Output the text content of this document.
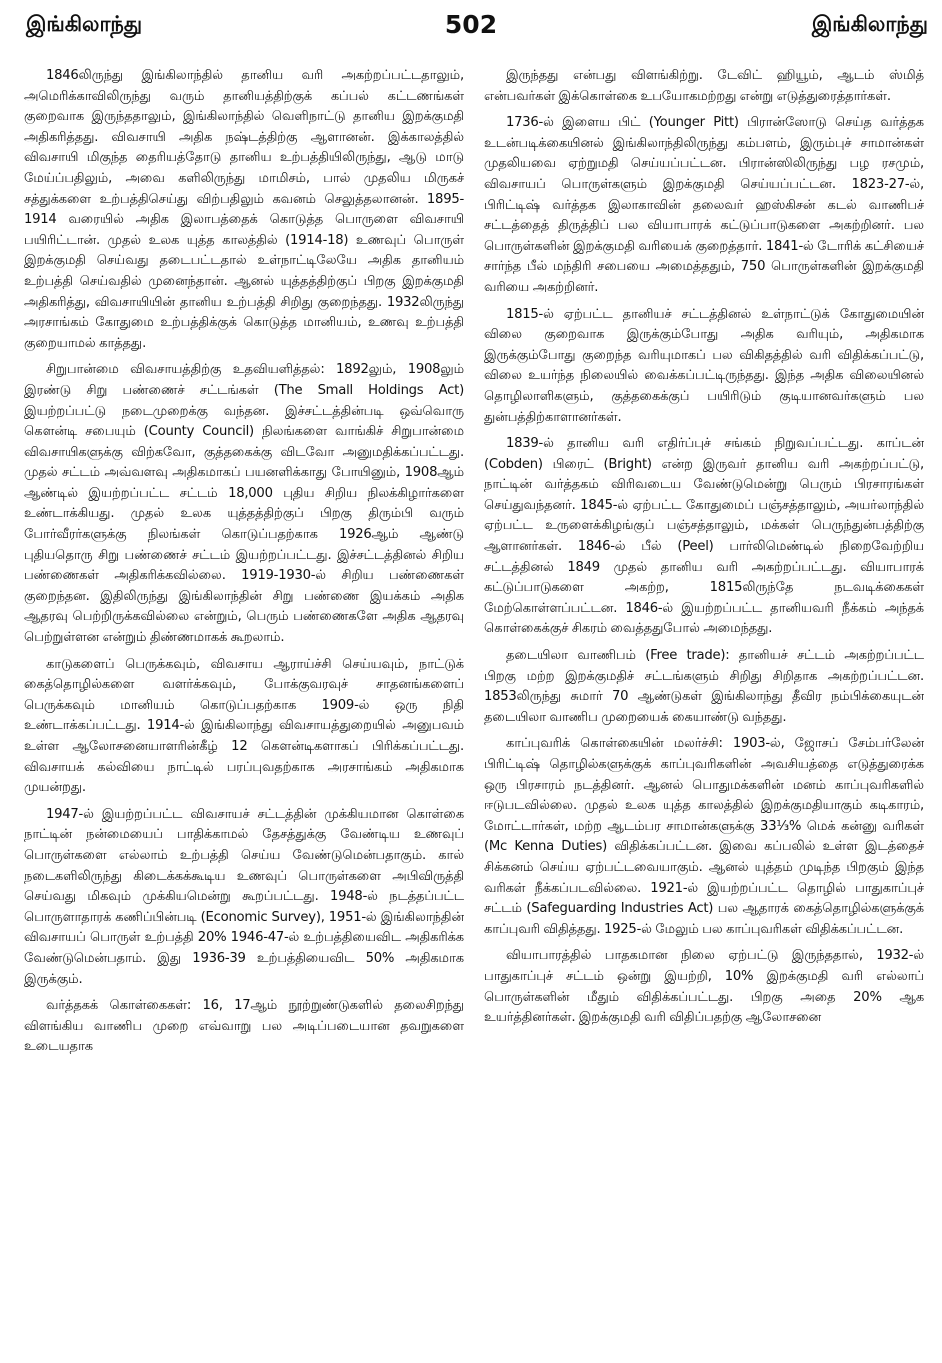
இங்கிலாந்து	502	இங்கிலாந்து

1846லிருந்து இங்கிலாந்தில் தானிய வரி அகற்றப்பட்டதாலும், அமெரிக்காவிலிருந்து வரும் தானியத்திற்குக் கப்பல் கட்டணங்கள் குறைவாக இருந்ததாலும், இங்கிலாந்தில் வெளிநாட்டு தானிய இறக்குமதி அதிகரித்தது. விவசாயி அதிக நஷ்டத்திற்கு ஆளானன். இக்காலத்தில் விவசாயி மிகுந்த தைரியத்தோடு தானிய உற்பத்தியிலிருந்து, ஆடு மாடு மேய்ப்பதிலும், அவை களிலிருந்து மாமிசம், பால் முதலிய மிருகச் சத்துக்களை உற்பத்திசெய்து விற்பதிலும் கவனம் செலுத்தலானன். 1895-1914 வரையில் அதிக இலாபத்தைக் கொடுத்த பொருளை விவசாயி பயிரிட்டான். முதல் உலக யுத்த காலத்தில் (1914-18) உணவுப் பொருள் இறக்குமதி செய்வது தடைபட்டதால் உள்நாட்டிலேயே அதிக தானியம் உற்பத்தி செய்வதில் முனைந்தான். ஆனல் யுத்தத்திற்குப் பிறகு இறக்குமதி அதிகரித்து, விவசாயியின் தானிய உற்பத்தி சிறிது குறைந்தது. 1932லிருந்து அரசாங்கம் கோதுமை உற்பத்திக்குக் கொடுத்த மானியம், உணவு உற்பத்தி குறையாமல் காத்தது.

சிறுபான்மை விவசாயத்திற்கு உதவியளித்தல்: 1892லும், 1908லும் இரண்டு சிறு பண்ணைச் சட்டங்கள் (The Small Holdings Act) இயற்றப்பட்டு நடைமுறைக்கு வந்தன. இச்சட்டத்தின்படி ஒவ்வொரு கௌன்டி சபையும் (County Council) நிலங்களை வாங்கிச் சிறுபான்மை விவசாயிகளுக்கு விற்கவோ, குத்தகைக்கு விடவோ அனுமதிக்கப்பட்டது. முதல் சட்டம் அவ்வளவு அதிகமாகப் பயனளிக்காது போயினும், 1908ஆம் ஆண்டில் இயற்றப்பட்ட சட்டம் 18,000 புதிய சிறிய நிலக்கிழார்களை உண்டாக்கியது. முதல் உலக யுத்தத்திற்குப் பிறகு திரும்பி வரும் போர்வீரர்களுக்கு நிலங்கள் கொடுப்பதற்காக 1926ஆம் ஆண்டு புதியதொரு சிறு பண்ணைச் சட்டம் இயற்றப்பட்டது. இச்சட்டத்தினல் சிறிய பண்ணைகள் அதிகரிக்கவில்லை. 1919-1930-ல் சிறிய பண்ணைகள் குறைந்தன. இதிலிருந்து இங்கிலாந்தின் சிறு பண்ணை இயக்கம் அதிக ஆதரவு பெற்றிருக்கவில்லை என்றும், பெரும் பண்ணைகளே அதிக ஆதரவு பெற்றுள்ளன என்றும் திண்ணமாகக் கூறலாம்.

காடுகளைப் பெருக்கவும், விவசாய ஆராய்ச்சி செய்யவும், நாட்டுக் கைத்தொழில்களை வளர்க்கவும், போக்குவரவுச் சாதனங்களைப் பெருக்கவும் மானியம் கொடுப்பதற்காக 1909-ல் ஒரு நிதி உண்டாக்கப்பட்டது. 1914-ல் இங்கிலாந்து விவசாயத்துறையில் அனுபவம் உள்ள ஆலோசனையாளரின்கீழ் 12 கௌன்டிகளாகப் பிரிக்கப்பட்டது. விவசாயக் கல்வியை நாட்டில் பரப்புவதற்காக அரசாங்கம் அதிகமாக முயன்றது.

1947-ல் இயற்றப்பட்ட விவசாயச் சட்டத்தின் முக்கியமான கொள்கை நாட்டின் நன்மையைப் பாதிக்காமல் தேசத்துக்கு வேண்டிய உணவுப் பொருள்களை எல்லாம் உற்பத்தி செய்ய வேண்டுமென்பதாகும். கால் நடைகளிலிருந்து கிடைக்கக்கூடிய உணவுப் பொருள்களை அபிவிருத்தி செய்வது மிகவும் முக்கியமென்று கூறப்பட்டது. 1948-ல் நடத்தப்பட்ட பொருளாதாரக் கணிப்பின்படி (Economic Survey), 1951-ல் இங்கிலாந்தின் விவசாயப் பொருள் உற்பத்தி 20% 1946-47-ல் உற்பத்தியைவிட அதிகரிக்க வேண்டுமென்பதாம். இது 1936-39 உற்பத்தியைவிட 50% அதிகமாக இருக்கும்.

வர்த்தகக் கொள்கைகள்: 16, 17ஆம் நூற்றுண்டுகளில் தலைசிறந்து விளங்கிய வாணிப முறை எவ்வாறு பல அடிப்படையான தவறுகளை உடையதாக

இருந்தது என்பது விளங்கிற்று. டேவிட் ஹியூம், ஆடம் ஸ்மித் என்பவர்கள் இக்கொள்கை உபயோகமற்றது என்று எடுத்துரைத்தார்கள்.

1736-ல் இளைய பிட் (Younger Pitt) பிரான்ஸோடு செய்த வர்த்தக உடன்படிக்கையினல் இங்கிலாந்திலிருந்து கம்பளம், இரும்புச் சாமான்கள் முதலியவை ஏற்றுமதி செய்யப்பட்டன. பிரான்ஸிலிருந்து பழ ரசமும், விவசாயப் பொருள்களும் இறக்குமதி செய்யப்பட்டன. 1823-27-ல், பிரிட்டிஷ் வர்த்தக இலாகாவின் தலைவர் ஹஸ்கிசன் கடல் வாணிபச் சட்டத்தைத் திருத்திப் பல வியாபாரக் கட்டுப்பாடுகளை அகற்றினர். பல பொருள்களின் இறக்குமதி வரியைக் குறைத்தார். 1841-ல் டோரிக் கட்சியைச் சார்ந்த பீல் மந்திரி சபையை அமைத்ததும், 750 பொருள்களின் இறக்குமதி வரியை அகற்றினர்.

1815-ல் ஏற்பட்ட தானியச் சட்டத்தினல் உள்நாட்டுக் கோதுமையின் விலை குறைவாக இருக்கும்போது அதிக வரியும், அதிகமாக இருக்கும்போது குறைந்த வரியுமாகப் பல விகிதத்தில் வரி விதிக்கப்பட்டு, விலை உயர்ந்த நிலையில் வைக்கப்பட்டிருந்தது. இந்த அதிக விலையினல் தொழிலாளிகளும், குத்தகைக்குப் பயிரிடும் குடியானவர்களும் பல துன்பத்திற்காளானர்கள்.

1839-ல் தானிய வரி எதிர்ப்புச் சங்கம் நிறுவப்பட்டது. காப்டன் (Cobden) பிரைட் (Bright) என்ற இருவர் தானிய வரி அகற்றப்பட்டு, நாட்டின் வர்த்தகம் விரிவடைய வேண்டுமென்று பெரும் பிரசாரங்கள் செய்துவந்தனர். 1845-ல் ஏற்பட்ட கோதுமைப் பஞ்சத்தாலும், அயர்லாந்தில் ஏற்பட்ட உருளைக்கிழங்குப் பஞ்சத்தாலும், மக்கள் பெருந்துன்பத்திற்கு ஆளானர்கள். 1846-ல் பீல் (Peel) பார்லிமெண்டில் நிறைவேற்றிய சட்டத்தினல் 1849 முதல் தானிய வரி அகற்றப்பட்டது. வியாபாரக் கட்டுப்பாடுகளை அகற்ற, 1815லிருந்தே நடவடிக்கைகள் மேற்கொள்ளப்பட்டன. 1846-ல் இயற்றப்பட்ட தானியவரி நீக்கம் அந்தக் கொள்கைக்குச் சிகரம் வைத்ததுபோல் அமைந்தது.

தடையிலா வாணிபம் (Free trade): தானியச் சட்டம் அகற்றப்பட்ட பிறகு மற்ற இறக்குமதிச் சட்டங்களும் சிறிது சிறிதாக அகற்றப்பட்டன. 1853லிருந்து சுமார் 70 ஆண்டுகள் இங்கிலாந்து தீவிர நம்பிக்கையுடன் தடையிலா வாணிப முறையைக் கையாண்டு வந்தது.

காப்புவரிக் கொள்கையின் மலர்ச்சி: 1903-ல், ஜோசப் சேம்பர்லேன் பிரிட்டிஷ் தொழில்களுக்குக் காப்புவரிகளின் அவசியத்தை எடுத்துரைக்க ஒரு பிரசாரம் நடத்தினர். ஆனல் பொதுமக்களின் மனம் காப்புவரிகளில் ஈடுபடவில்லை. முதல் உலக யுத்த காலத்தில் இறக்குமதியாகும் கடிகாரம், மோட்டார்கள், மற்ற ஆடம்பர சாமான்களுக்கு 33⅓% மெக் கன்னு வரிகள் (Mc Kenna Duties) விதிக்கப்பட்டன. இவை கப்பலில் உள்ள இடத்தைச் சிக்கனம் செய்ய ஏற்பட்டவையாகும். ஆனல் யுத்தம் முடிந்த பிறகும் இந்த வரிகள் நீக்கப்படவில்லை. 1921-ல் இயற்றப்பட்ட தொழில் பாதுகாப்புச் சட்டம் (Safeguarding Industries Act) பல ஆதாரக் கைத்தொழில்களுக்குக் காப்புவரி விதித்தது. 1925-ல் மேலும் பல காப்புவரிகள் விதிக்கப்பட்டன.

வியாபாரத்தில் பாதகமான நிலை ஏற்பட்டு இருந்ததால், 1932-ல் பாதுகாப்புச் சட்டம் ஒன்று இயற்றி, 10% இறக்குமதி வரி எல்லாப் பொருள்களின் மீதும் விதிக்கப்பட்டது. பிறகு அதை 20% ஆக உயர்த்தினர்கள். இறக்குமதி வரி விதிப்பதற்கு ஆலோசனை
